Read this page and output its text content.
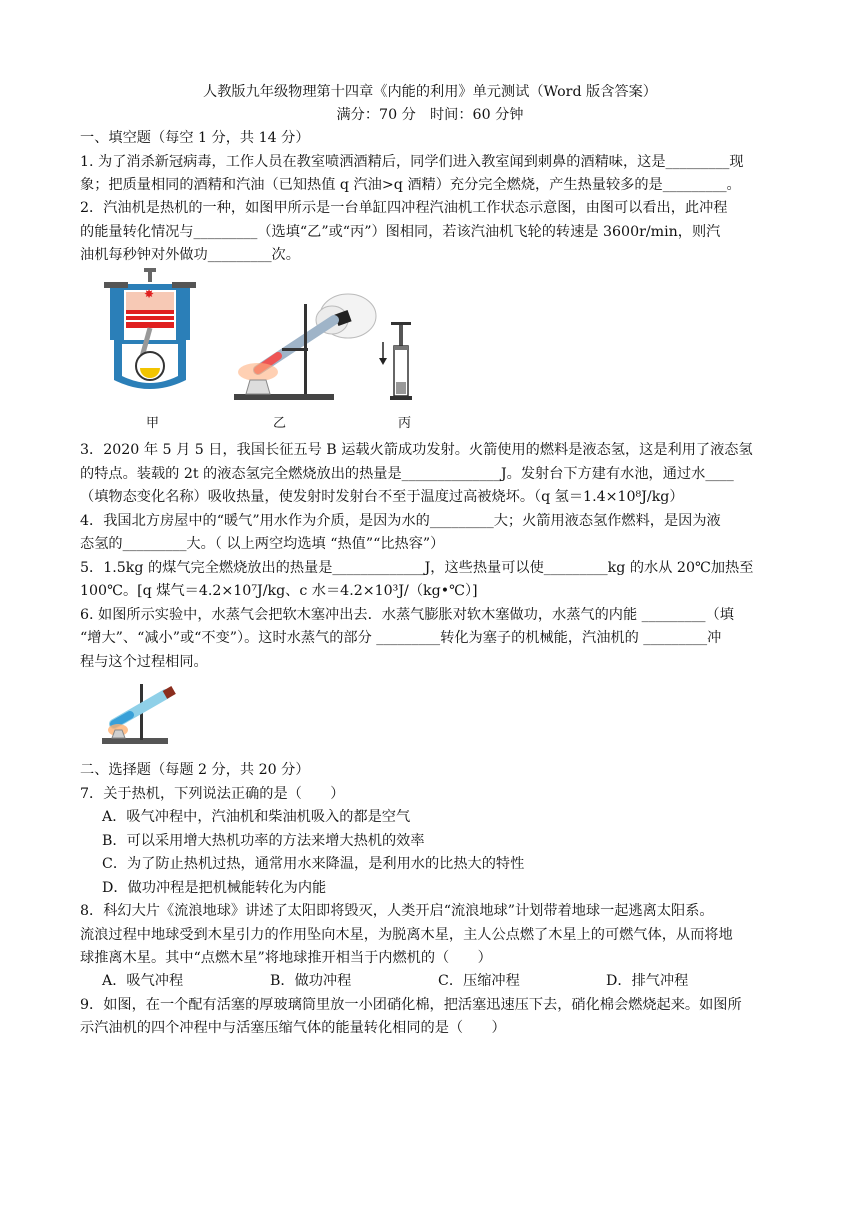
人教版九年级物理第十四章《内能的利用》单元测试（Word 版含答案）
满分：70 分　时间：60 分钟
一、填空题（每空 1 分，共 14 分）
1. 为了消杀新冠病毒，工作人员在教室喷洒酒精后，同学们进入教室闻到刺鼻的酒精味，这是_________现
象；把质量相同的酒精和汽油（已知热值 q 汽油>q 酒精）充分完全燃烧，产生热量较多的是_________。
2．汽油机是热机的一种，如图甲所示是一台单缸四冲程汽油机工作状态示意图，由图可以看出，此冲程
的能量转化情况与_________（选填“乙”或“丙”）图相同，若该汽油机飞轮的转速是 3600r/min，则汽
油机每秒钟对外做功_________次。
✸
甲	乙	丙
3．2020 年 5 月 5 日，我国长征五号 B 运载火箭成功发射。火箭使用的燃料是液态氢，这是利用了液态氢
的特点。装载的 2t 的液态氢完全燃烧放出的热量是______________J。发射台下方建有水池，通过水____
（填物态变化名称）吸收热量，使发射时发射台不至于温度过高被烧坏。（q 氢＝1.4×10⁸J/kg）
4．我国北方房屋中的“暖气”用水作为介质，是因为水的_________大；火箭用液态氢作燃料，是因为液
态氢的_________大。（ 以上两空均选填 “热值”“比热容”）
5．1.5kg 的煤气完全燃烧放出的热量是_____________J，这些热量可以使_________kg 的水从 20℃加热至
100℃。[q 煤气＝4.2×10⁷J/kg、c 水＝4.2×10³J/（kg•℃）]
6. 如图所示实验中，水蒸气会把软木塞冲出去．水蒸气膨胀对软木塞做功，水蒸气的内能 _________（填
“增大”、“减小”或“不变”）。这时水蒸气的部分 _________转化为塞子的机械能，汽油机的 _________冲
程与这个过程相同。
二、选择题（每题 2 分，共 20 分）
7．关于热机，下列说法正确的是（　　）
A．吸气冲程中，汽油机和柴油机吸入的都是空气
B．可以采用增大热机功率的方法来增大热机的效率
C．为了防止热机过热，通常用水来降温，是利用水的比热大的特性
D．做功冲程是把机械能转化为内能
8．科幻大片《流浪地球》讲述了太阳即将毁灭，人类开启“流浪地球”计划带着地球一起逃离太阳系。
流浪过程中地球受到木星引力的作用坠向木星，为脱离木星，主人公点燃了木星上的可燃气体，从而将地
球推离木星。其中“点燃木星”将地球推开相当于内燃机的（　　）
A．吸气冲程	B．做功冲程	C．压缩冲程	D．排气冲程
9．如图，在一个配有活塞的厚玻璃筒里放一小团硝化棉，把活塞迅速压下去，硝化棉会燃烧起来。如图所
示汽油机的四个冲程中与活塞压缩气体的能量转化相同的是（　　）
